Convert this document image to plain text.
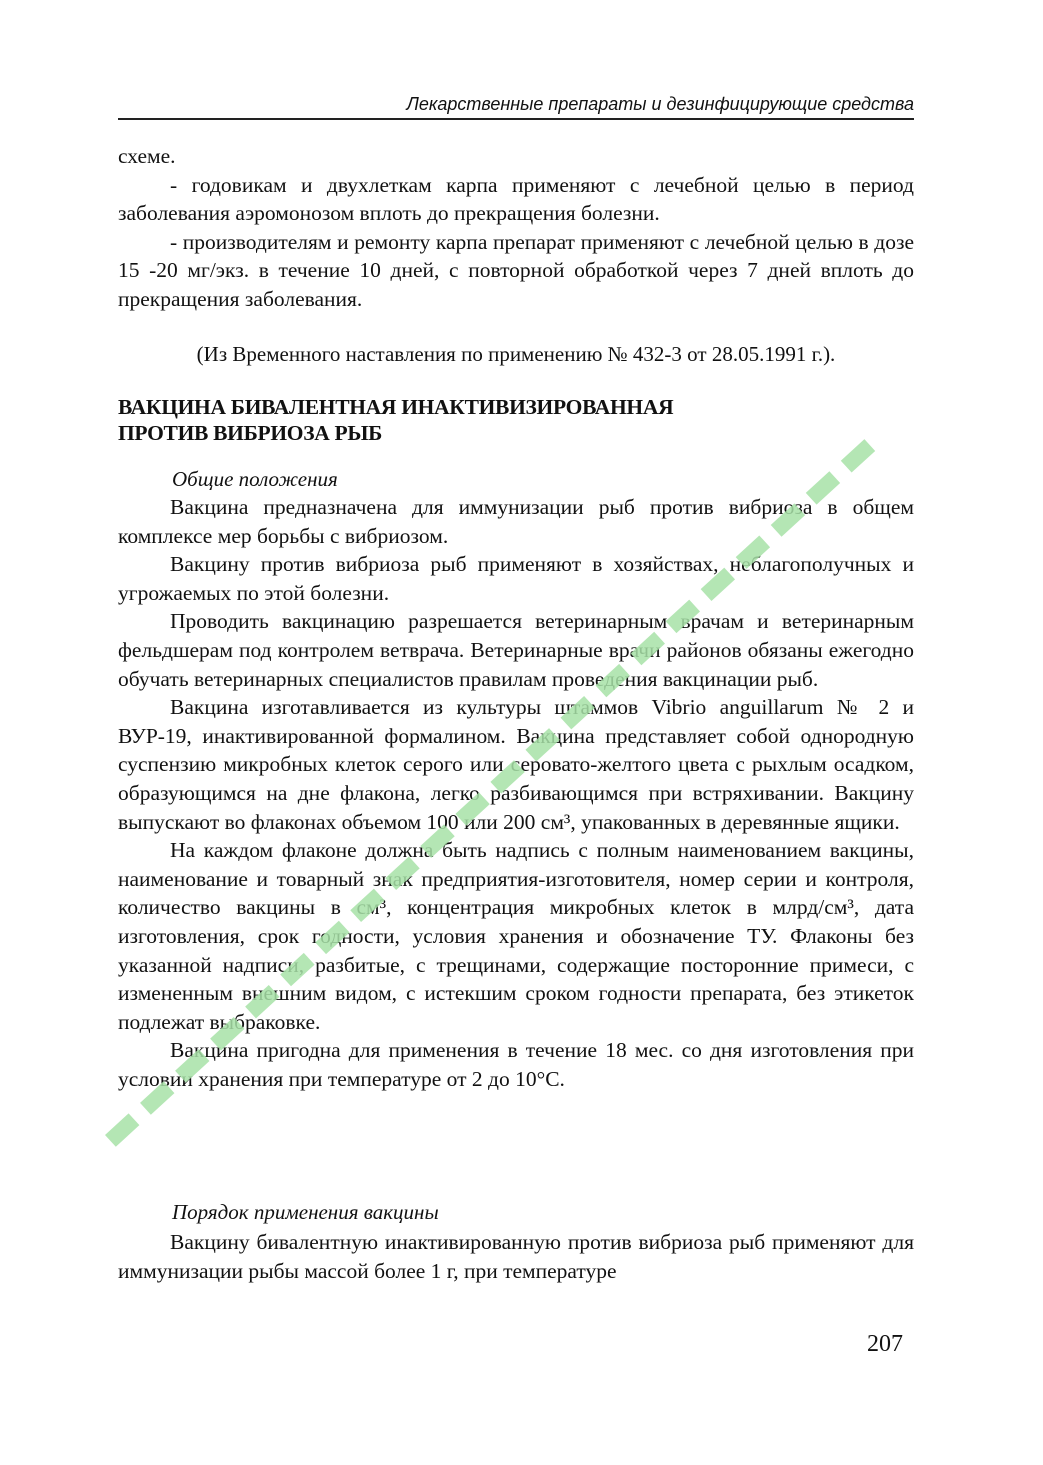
Лекарственные препараты и дезинфицирующие средства

схеме.

- годовикам и двухлеткам карпа применяют с лечебной целью в период заболевания аэромонозом вплоть до прекращения болезни.

- производителям и ремонту карпа препарат применяют с лечебной целью в дозе 15 -20 мг/экз. в течение 10 дней, с повторной обработкой через 7 дней вплоть до прекращения заболевания.

(Из Временного наставления по применению № 432-3 от 28.05.1991 г.).
ВАКЦИНА БИВАЛЕНТНАЯ ИНАКТИВИЗИРОВАННАЯ
ПРОТИВ ВИБРИОЗА РЫБ
Общие положения

Вакцина предназначена для иммунизации рыб против вибриоза в общем комплексе мер борьбы с вибриозом.

Вакцину против вибриоза рыб применяют в хозяйствах, неблагополучных и угрожаемых по этой болезни.

Проводить вакцинацию разрешается ветеринарным врачам и ветеринарным фельдшерам под контролем ветврача. Ветеринарные врачи районов обязаны ежегодно обучать ветеринарных специалистов правилам проведения вакцинации рыб.

Вакцина изготавливается из культуры штаммов Vibrio anguillarum № 2 и ВУР-19, инактивированной формалином. Вакцина представляет собой однородную суспензию микробных клеток серого или серовато-желтого цвета с рыхлым осадком, образующимся на дне флакона, легко разбивающимся при встряхивании. Вакцину выпускают во флаконах объемом 100 или 200 см³, упакованных в деревянные ящики.

На каждом флаконе должна быть надпись с полным наименованием вакцины, наименование и товарный знак предприятия-изготовителя, номер серии и контроля, количество вакцины в см³, концентрация микробных клеток в млрд/см³, дата изготовления, срок годности, условия хранения и обозначение ТУ. Флаконы без указанной надписи, разбитые, с трещинами, содержащие посторонние примеси, с измененным внешним видом, с истекшим сроком годности препарата, без этикеток подлежат выбраковке.

Вакцина пригодна для применения в течение 18 мес. со дня изготовления при условии хранения при температуре от 2 до 10°С.

Порядок применения вакцины

Вакцину бивалентную инактивированную против вибриоза рыб применяют для иммунизации рыбы массой более 1 г, при температуре

207
